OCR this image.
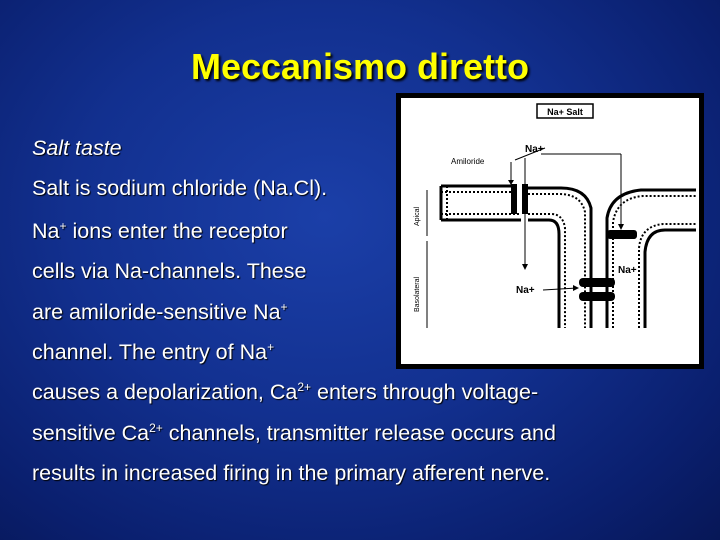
Meccanismo diretto
Salt taste
Salt is sodium chloride (Na.Cl).
Na+ ions enter the receptor
cells via Na-channels. These
are amiloride-sensitive Na+
channel. The entry of Na+
causes a depolarization, $Ca^{2+}$ enters through voltage-
sensitive $Ca^{2+}$ channels, transmitter release occurs and
results in increased firing in the primary afferent nerve.
Na+ Salt
Na+
Amiloride
Na+
Na+
Apical
Basolateral
